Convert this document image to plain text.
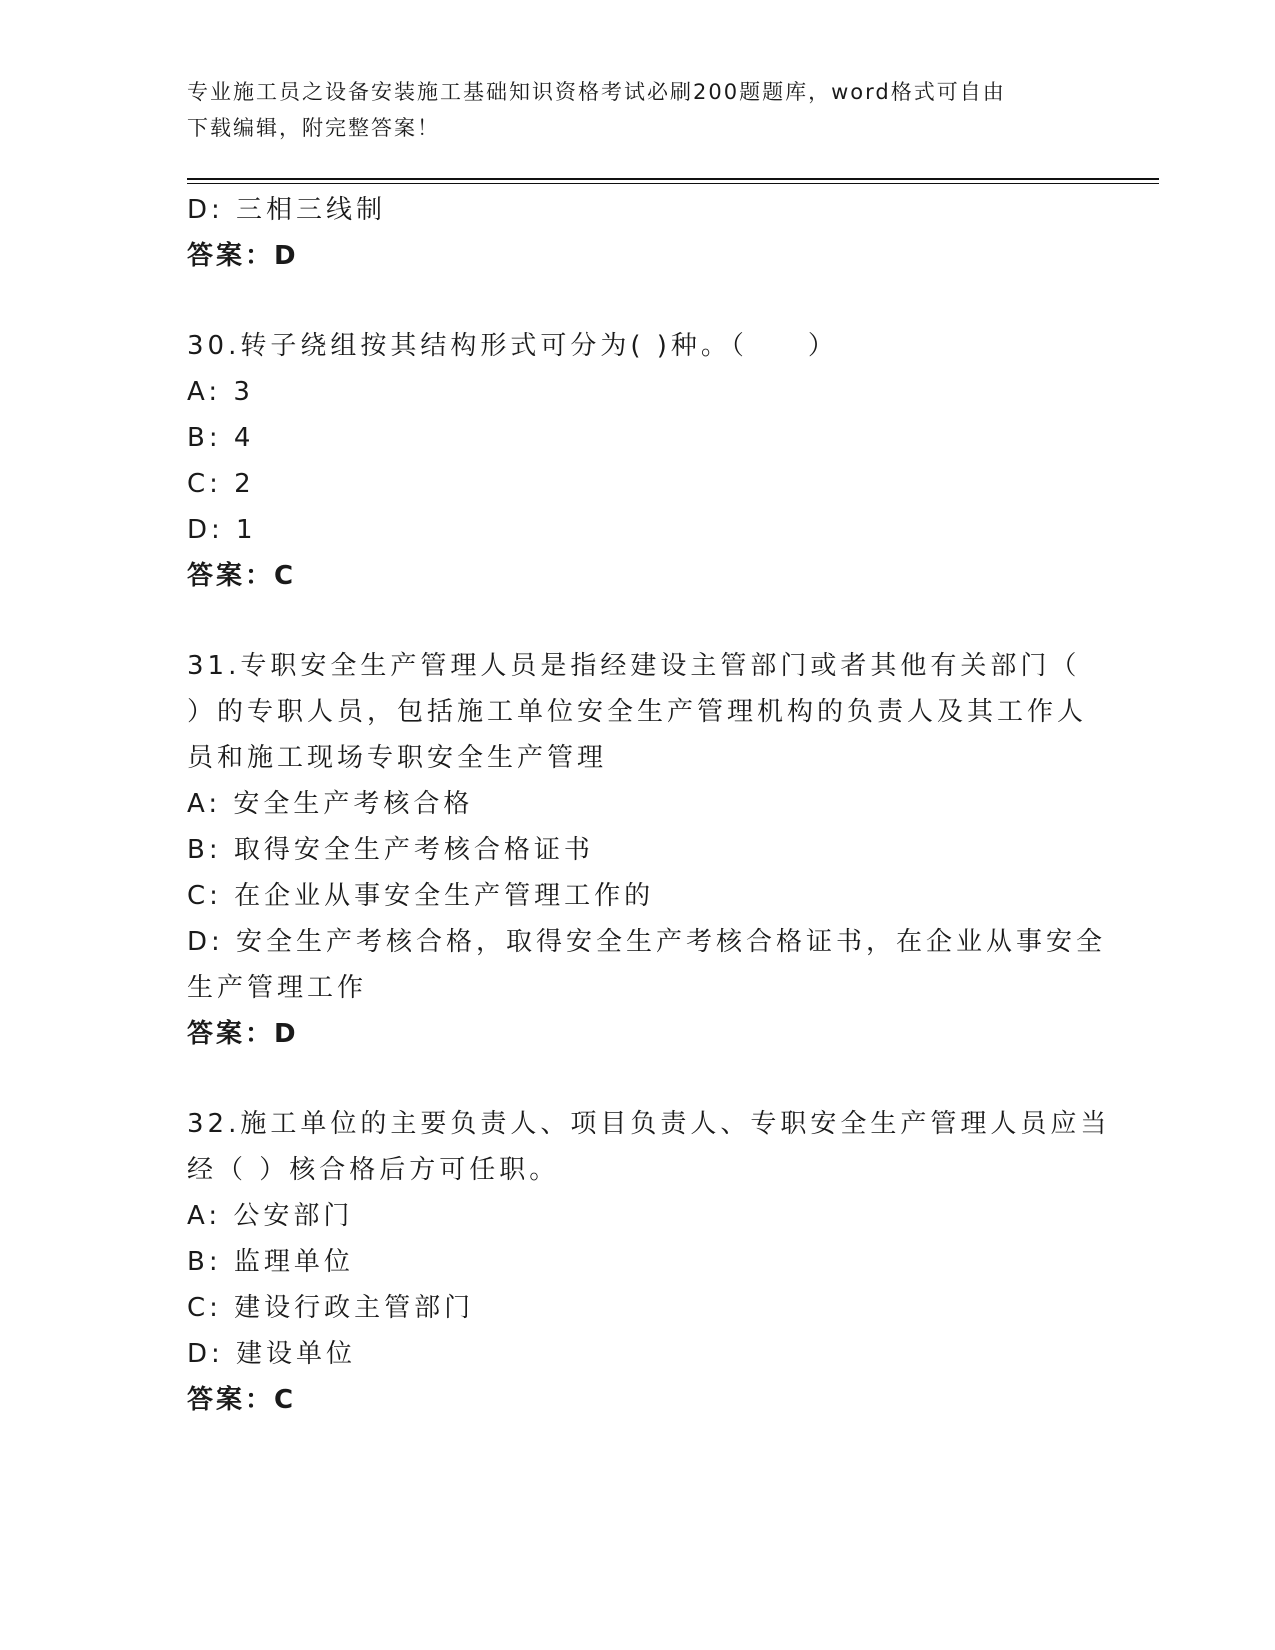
专业施工员之设备安装施工基础知识资格考试必刷200题题库，word格式可自由
下载编辑，附完整答案！
D: 三相三线制
答案：D
30.转子绕组按其结构形式可分为( )种。（　　）
A: 3
B: 4
C: 2
D: 1
答案：C
31.专职安全生产管理人员是指经建设主管部门或者其他有关部门（
）的专职人员，包括施工单位安全生产管理机构的负责人及其工作人
员和施工现场专职安全生产管理
A: 安全生产考核合格
B: 取得安全生产考核合格证书
C: 在企业从事安全生产管理工作的
D: 安全生产考核合格，取得安全生产考核合格证书，在企业从事安全
生产管理工作
答案：D
32.施工单位的主要负责人、项目负责人、专职安全生产管理人员应当
经（ ）核合格后方可任职。
A: 公安部门
B: 监理单位
C: 建设行政主管部门
D: 建设单位
答案：C
